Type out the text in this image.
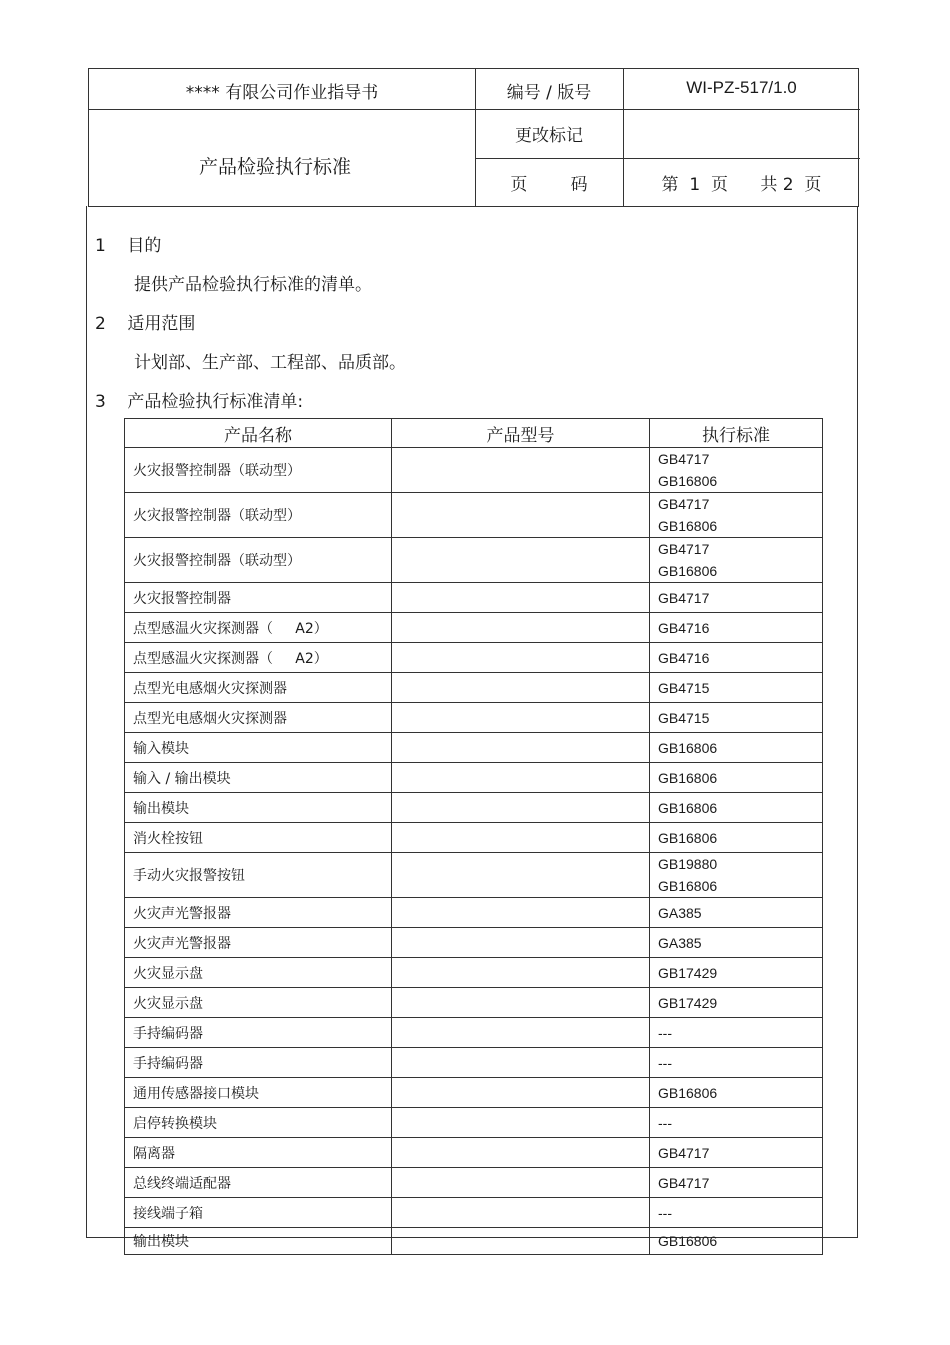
**** 有限公司作业指导书	编号 / 版号	WI-PZ-517/1.0
产品检验执行标准
更改标记
页        码	第  1  页      共 2  页
1    目的
提供产品检验执行标准的清单。
2    适用范围
计划部、生产部、工程部、品质部。
3    产品检验执行标准清单:
产品名称	产品型号	执行标准
火灾报警控制器（联动型）		GB4717
GB16806

火灾报警控制器（联动型）		GB4717
GB16806

火灾报警控制器（联动型）		GB4717
GB16806

火灾报警控制器		GB4717

点型感温火灾探测器（     A2）		GB4716

点型感温火灾探测器（     A2）		GB4716

点型光电感烟火灾探测器		GB4715

点型光电感烟火灾探测器		GB4715

输入模块		GB16806

输入 / 输出模块		GB16806

输出模块		GB16806

消火栓按钮		GB16806

手动火灾报警按钮		GB19880
GB16806

火灾声光警报器		GA385

火灾声光警报器		GA385

火灾显示盘		GB17429

火灾显示盘		GB17429

手持编码器		---

手持编码器		---

通用传感器接口模块		GB16806

启停转换模块		---

隔离器		GB4717

总线终端适配器		GB4717

接线端子箱		---

输出模块		GB16806
